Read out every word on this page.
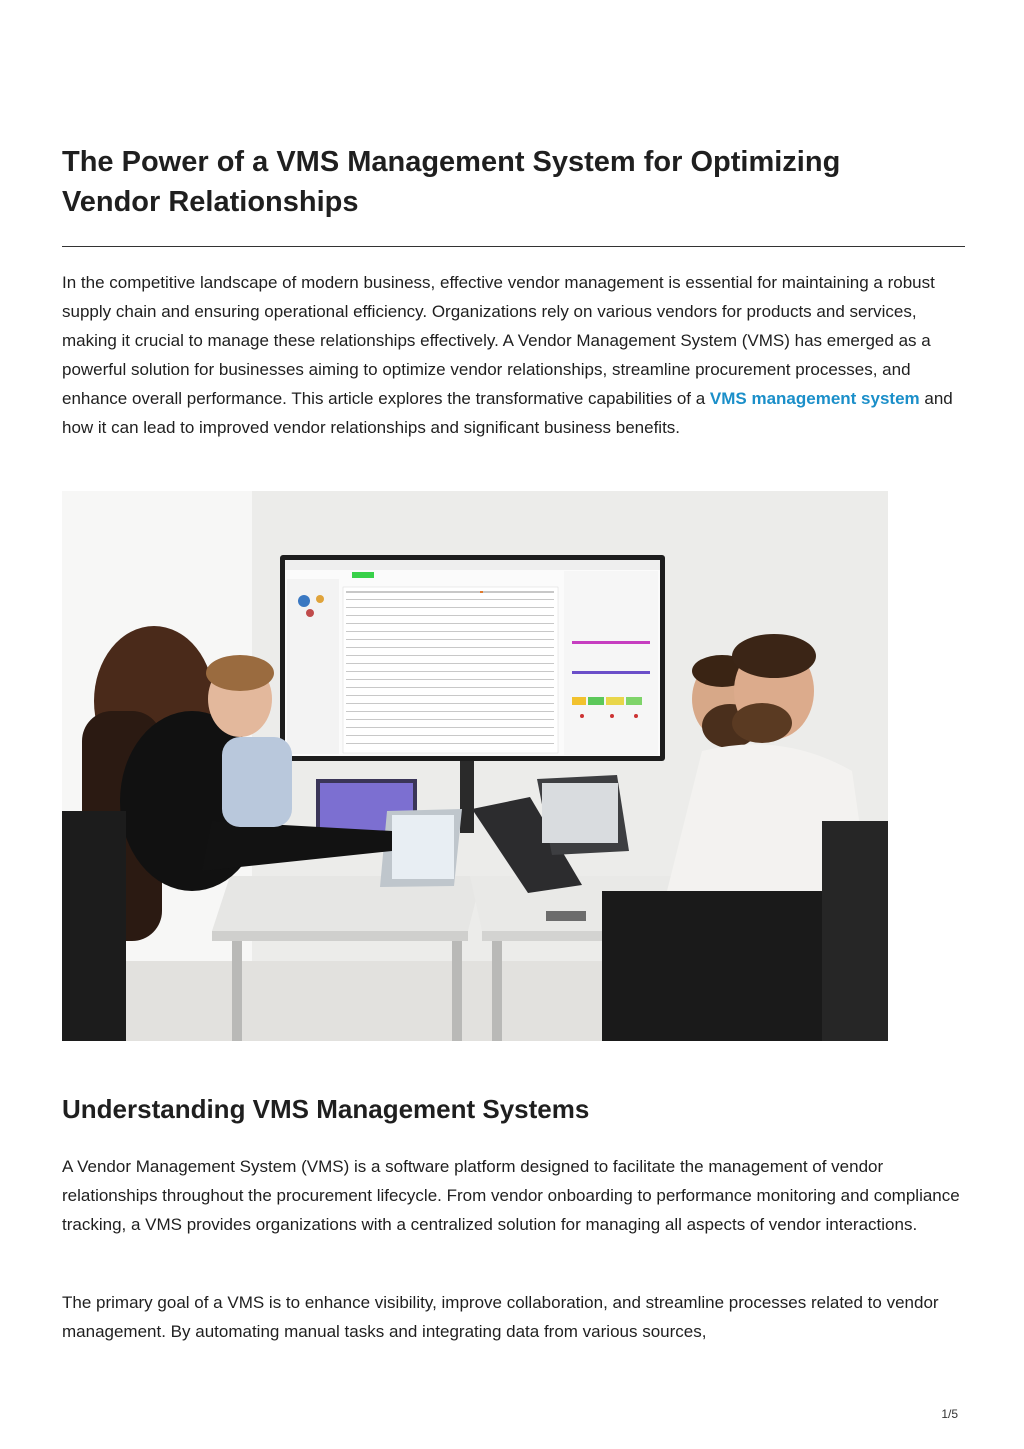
The Power of a VMS Management System for Optimizing Vendor Relationships

In the competitive landscape of modern business, effective vendor management is essential for maintaining a robust supply chain and ensuring operational efficiency. Organizations rely on various vendors for products and services, making it crucial to manage these relationships effectively. A Vendor Management System (VMS) has emerged as a powerful solution for businesses aiming to optimize vendor relationships, streamline procurement processes, and enhance overall performance. This article explores the transformative capabilities of a VMS management system and how it can lead to improved vendor relationships and significant business benefits.

Understanding VMS Management Systems

A Vendor Management System (VMS) is a software platform designed to facilitate the management of vendor relationships throughout the procurement lifecycle. From vendor onboarding to performance monitoring and compliance tracking, a VMS provides organizations with a centralized solution for managing all aspects of vendor interactions.

The primary goal of a VMS is to enhance visibility, improve collaboration, and streamline processes related to vendor management. By automating manual tasks and integrating data from various sources,

1/5
